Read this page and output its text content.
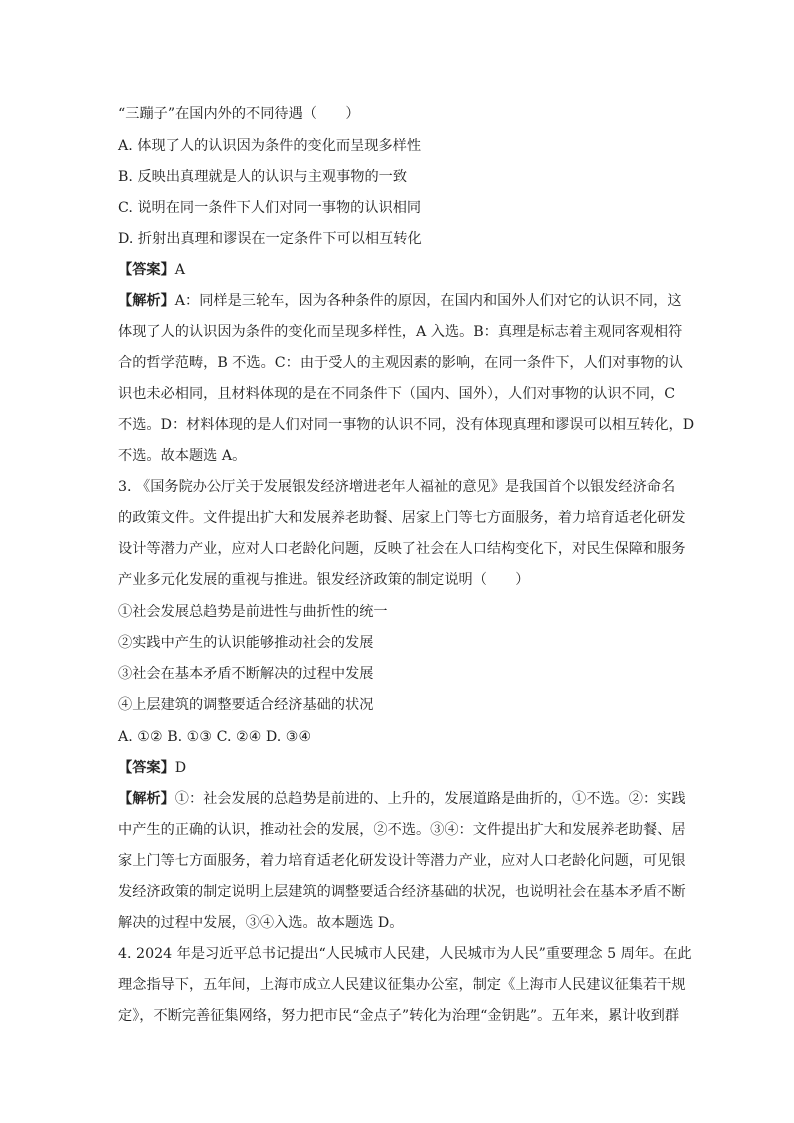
“三蹦子”在国内外的不同待遇（　　）
A. 体现了人的认识因为条件的变化而呈现多样性
B. 反映出真理就是人的认识与主观事物的一致
C. 说明在同一条件下人们对同一事物的认识相同
D. 折射出真理和谬误在一定条件下可以相互转化
【答案】A
【解析】A：同样是三轮车，因为各种条件的原因，在国内和国外人们对它的认识不同，这
体现了人的认识因为条件的变化而呈现多样性，A 入选。B：真理是标志着主观同客观相符
合的哲学范畴，B 不选。C：由于受人的主观因素的影响，在同一条件下，人们对事物的认
识也未必相同，且材料体现的是在不同条件下（国内、国外），人们对事物的认识不同，C
不选。D：材料体现的是人们对同一事物的认识不同，没有体现真理和谬误可以相互转化，D
不选。故本题选 A。
3. 《国务院办公厅关于发展银发经济增进老年人福祉的意见》是我国首个以银发经济命名
的政策文件。文件提出扩大和发展养老助餐、居家上门等七方面服务，着力培育适老化研发
设计等潜力产业，应对人口老龄化问题，反映了社会在人口结构变化下，对民生保障和服务
产业多元化发展的重视与推进。银发经济政策的制定说明（　　）
①社会发展总趋势是前进性与曲折性的统一
②实践中产生的认识能够推动社会的发展
③社会在基本矛盾不断解决的过程中发展
④上层建筑的调整要适合经济基础的状况
A. ①② B. ①③ C. ②④ D. ③④
【答案】D
【解析】①：社会发展的总趋势是前进的、上升的，发展道路是曲折的，①不选。②：实践
中产生的正确的认识，推动社会的发展，②不选。③④：文件提出扩大和发展养老助餐、居
家上门等七方面服务，着力培育适老化研发设计等潜力产业，应对人口老龄化问题，可见银
发经济政策的制定说明上层建筑的调整要适合经济基础的状况，也说明社会在基本矛盾不断
解决的过程中发展，③④入选。故本题选 D。
4. 2024 年是习近平总书记提出“人民城市人民建，人民城市为人民”重要理念 5 周年。在此
理念指导下，五年间，上海市成立人民建议征集办公室，制定《上海市人民建议征集若干规
定》，不断完善征集网络，努力把市民“金点子”转化为治理“金钥匙”。五年来，累计收到群
